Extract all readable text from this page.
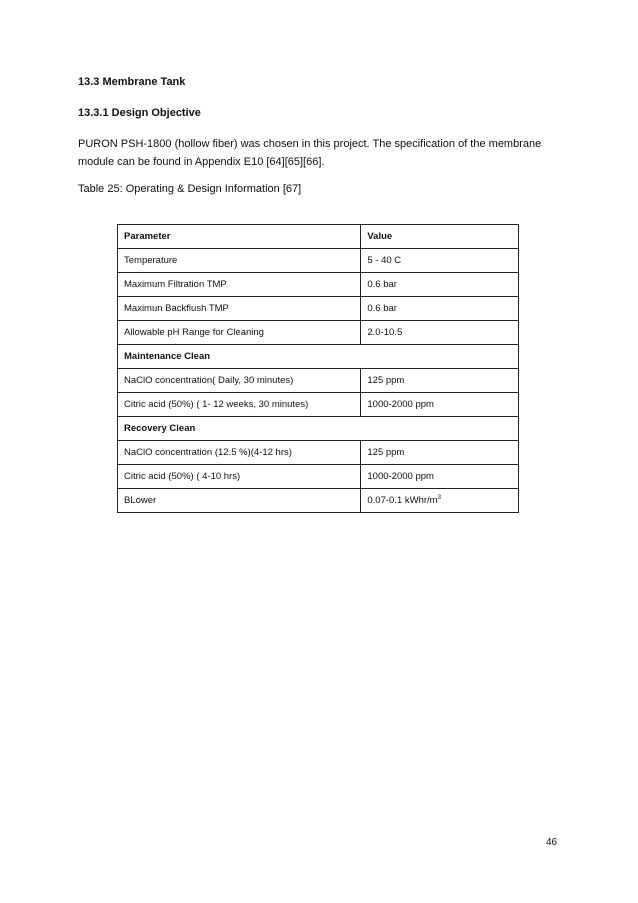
13.3 Membrane Tank

13.3.1 Design Objective

PURON PSH-1800 (hollow fiber) was chosen in this project. The specification of the membrane module can be found in Appendix E10 [64][65][66].

Table 25: Operating & Design Information [67]

Parameter	Value
Temperature	5 - 40 C
Maximum Filtration TMP	0.6 bar
Maximun Backflush TMP	0.6 bar
Allowable pH Range for Cleaning	2.0-10.5
Maintenance Clean	
NaClO concentration( Daily, 30 minutes)	125 ppm
Citric acid (50%) ( 1- 12 weeks, 30 minutes)	1000-2000 ppm
Recovery Clean	
NaClO concentration (12.5 %)(4-12 hrs)	125 ppm
Citric acid (50%) ( 4-10 hrs)	1000-2000 ppm
BLower	0.07-0.1 kWhr/$m^3$
46
